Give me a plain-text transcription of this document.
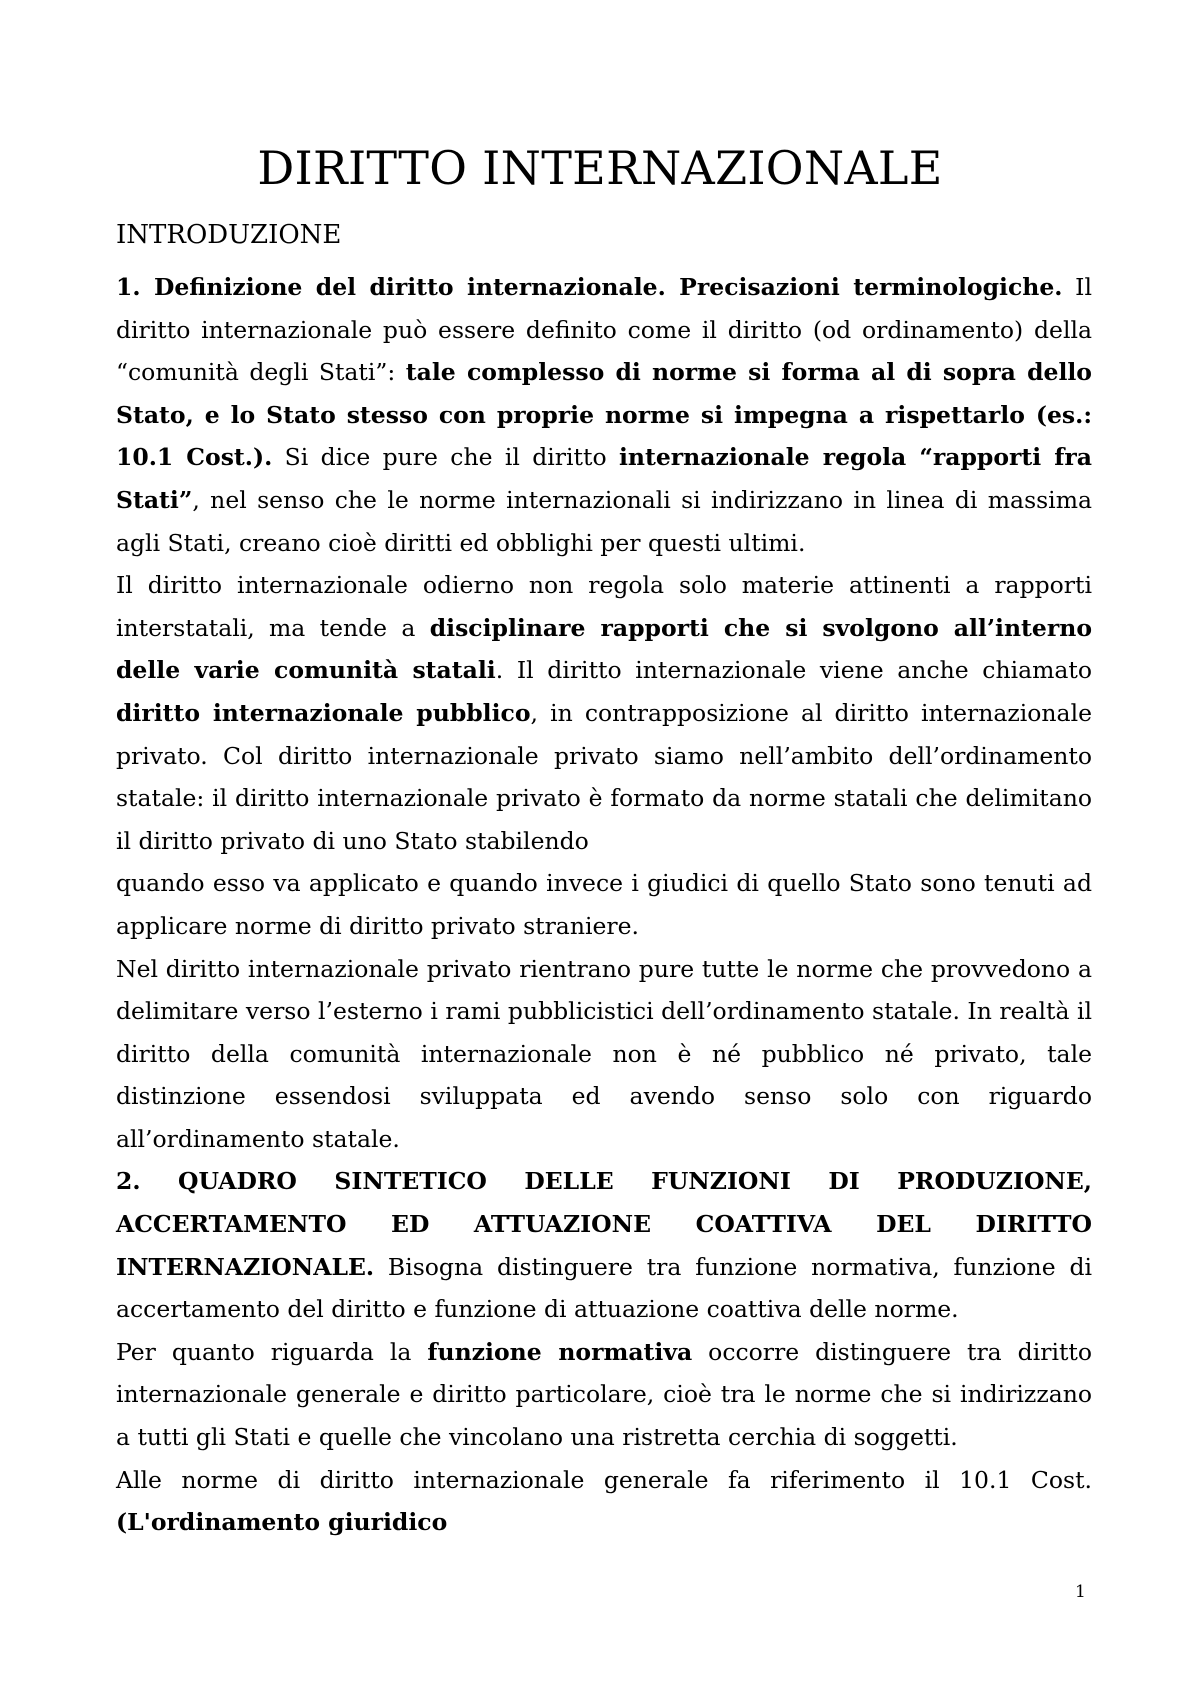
DIRITTO INTERNAZIONALE
INTRODUZIONE

1. Definizione del diritto internazionale. Precisazioni terminologiche. Il diritto internazionale può essere definito come il diritto (od ordinamento) della “comunità degli Stati”: tale complesso di norme si forma al di sopra dello Stato, e lo Stato stesso con proprie norme si impegna a rispettarlo (es.: 10.1 Cost.). Si dice pure che il diritto internazionale regola “rapporti fra Stati”, nel senso che le norme internazionali si indirizzano in linea di massima agli Stati, creano cioè diritti ed obblighi per questi ultimi.

Il diritto internazionale odierno non regola solo materie attinenti a rapporti interstatali, ma tende a disciplinare rapporti che si svolgono all’interno delle varie comunità statali. Il diritto internazionale viene anche chiamato diritto internazionale pubblico, in contrapposizione al diritto internazionale privato. Col diritto internazionale privato siamo nell’ambito dell’ordinamento statale: il diritto internazionale privato è formato da norme statali che delimitano il diritto privato di uno Stato stabilendo

quando esso va applicato e quando invece i giudici di quello Stato sono tenuti ad applicare norme di diritto privato straniere.

Nel diritto internazionale privato rientrano pure tutte le norme che provvedono a delimitare verso l’esterno i rami pubblicistici dell’ordinamento statale. In realtà il diritto della comunità internazionale non è né pubblico né privato, tale distinzione essendosi sviluppata ed avendo senso solo con riguardo all’ordinamento statale.

2. QUADRO SINTETICO DELLE FUNZIONI DI PRODUZIONE, ACCERTAMENTO ED ATTUAZIONE COATTIVA DEL DIRITTO INTERNAZIONALE. Bisogna distinguere tra funzione normativa, funzione di accertamento del diritto e funzione di attuazione coattiva delle norme.

Per quanto riguarda la funzione normativa occorre distinguere tra diritto internazionale generale e diritto particolare, cioè tra le norme che si indirizzano a tutti gli Stati e quelle che vincolano una ristretta cerchia di soggetti.

Alle norme di diritto internazionale generale fa riferimento il 10.1 Cost. (L'ordinamento giuridico

1
